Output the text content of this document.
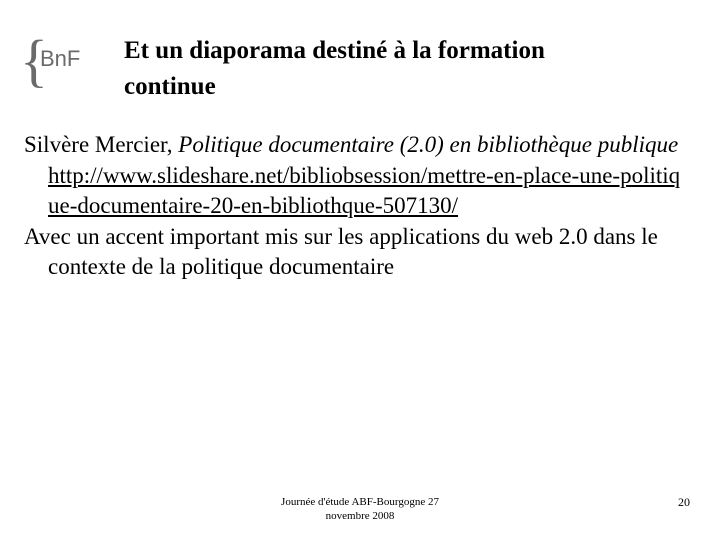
{
BnF Et un diaporama destiné à la formation
continue

Silvère Mercier, Politique documentaire (2.0) en bibliothèque publique http://www.slideshare.net/bibliobsession/mettre-en-place-une-politique-documentaire-20-en-bibliothque-507130/

Avec un accent important mis sur les applications du web 2.0 dans le contexte de la politique documentaire

Journée d'étude ABF-Bourgogne 27
novembre 2008
20
